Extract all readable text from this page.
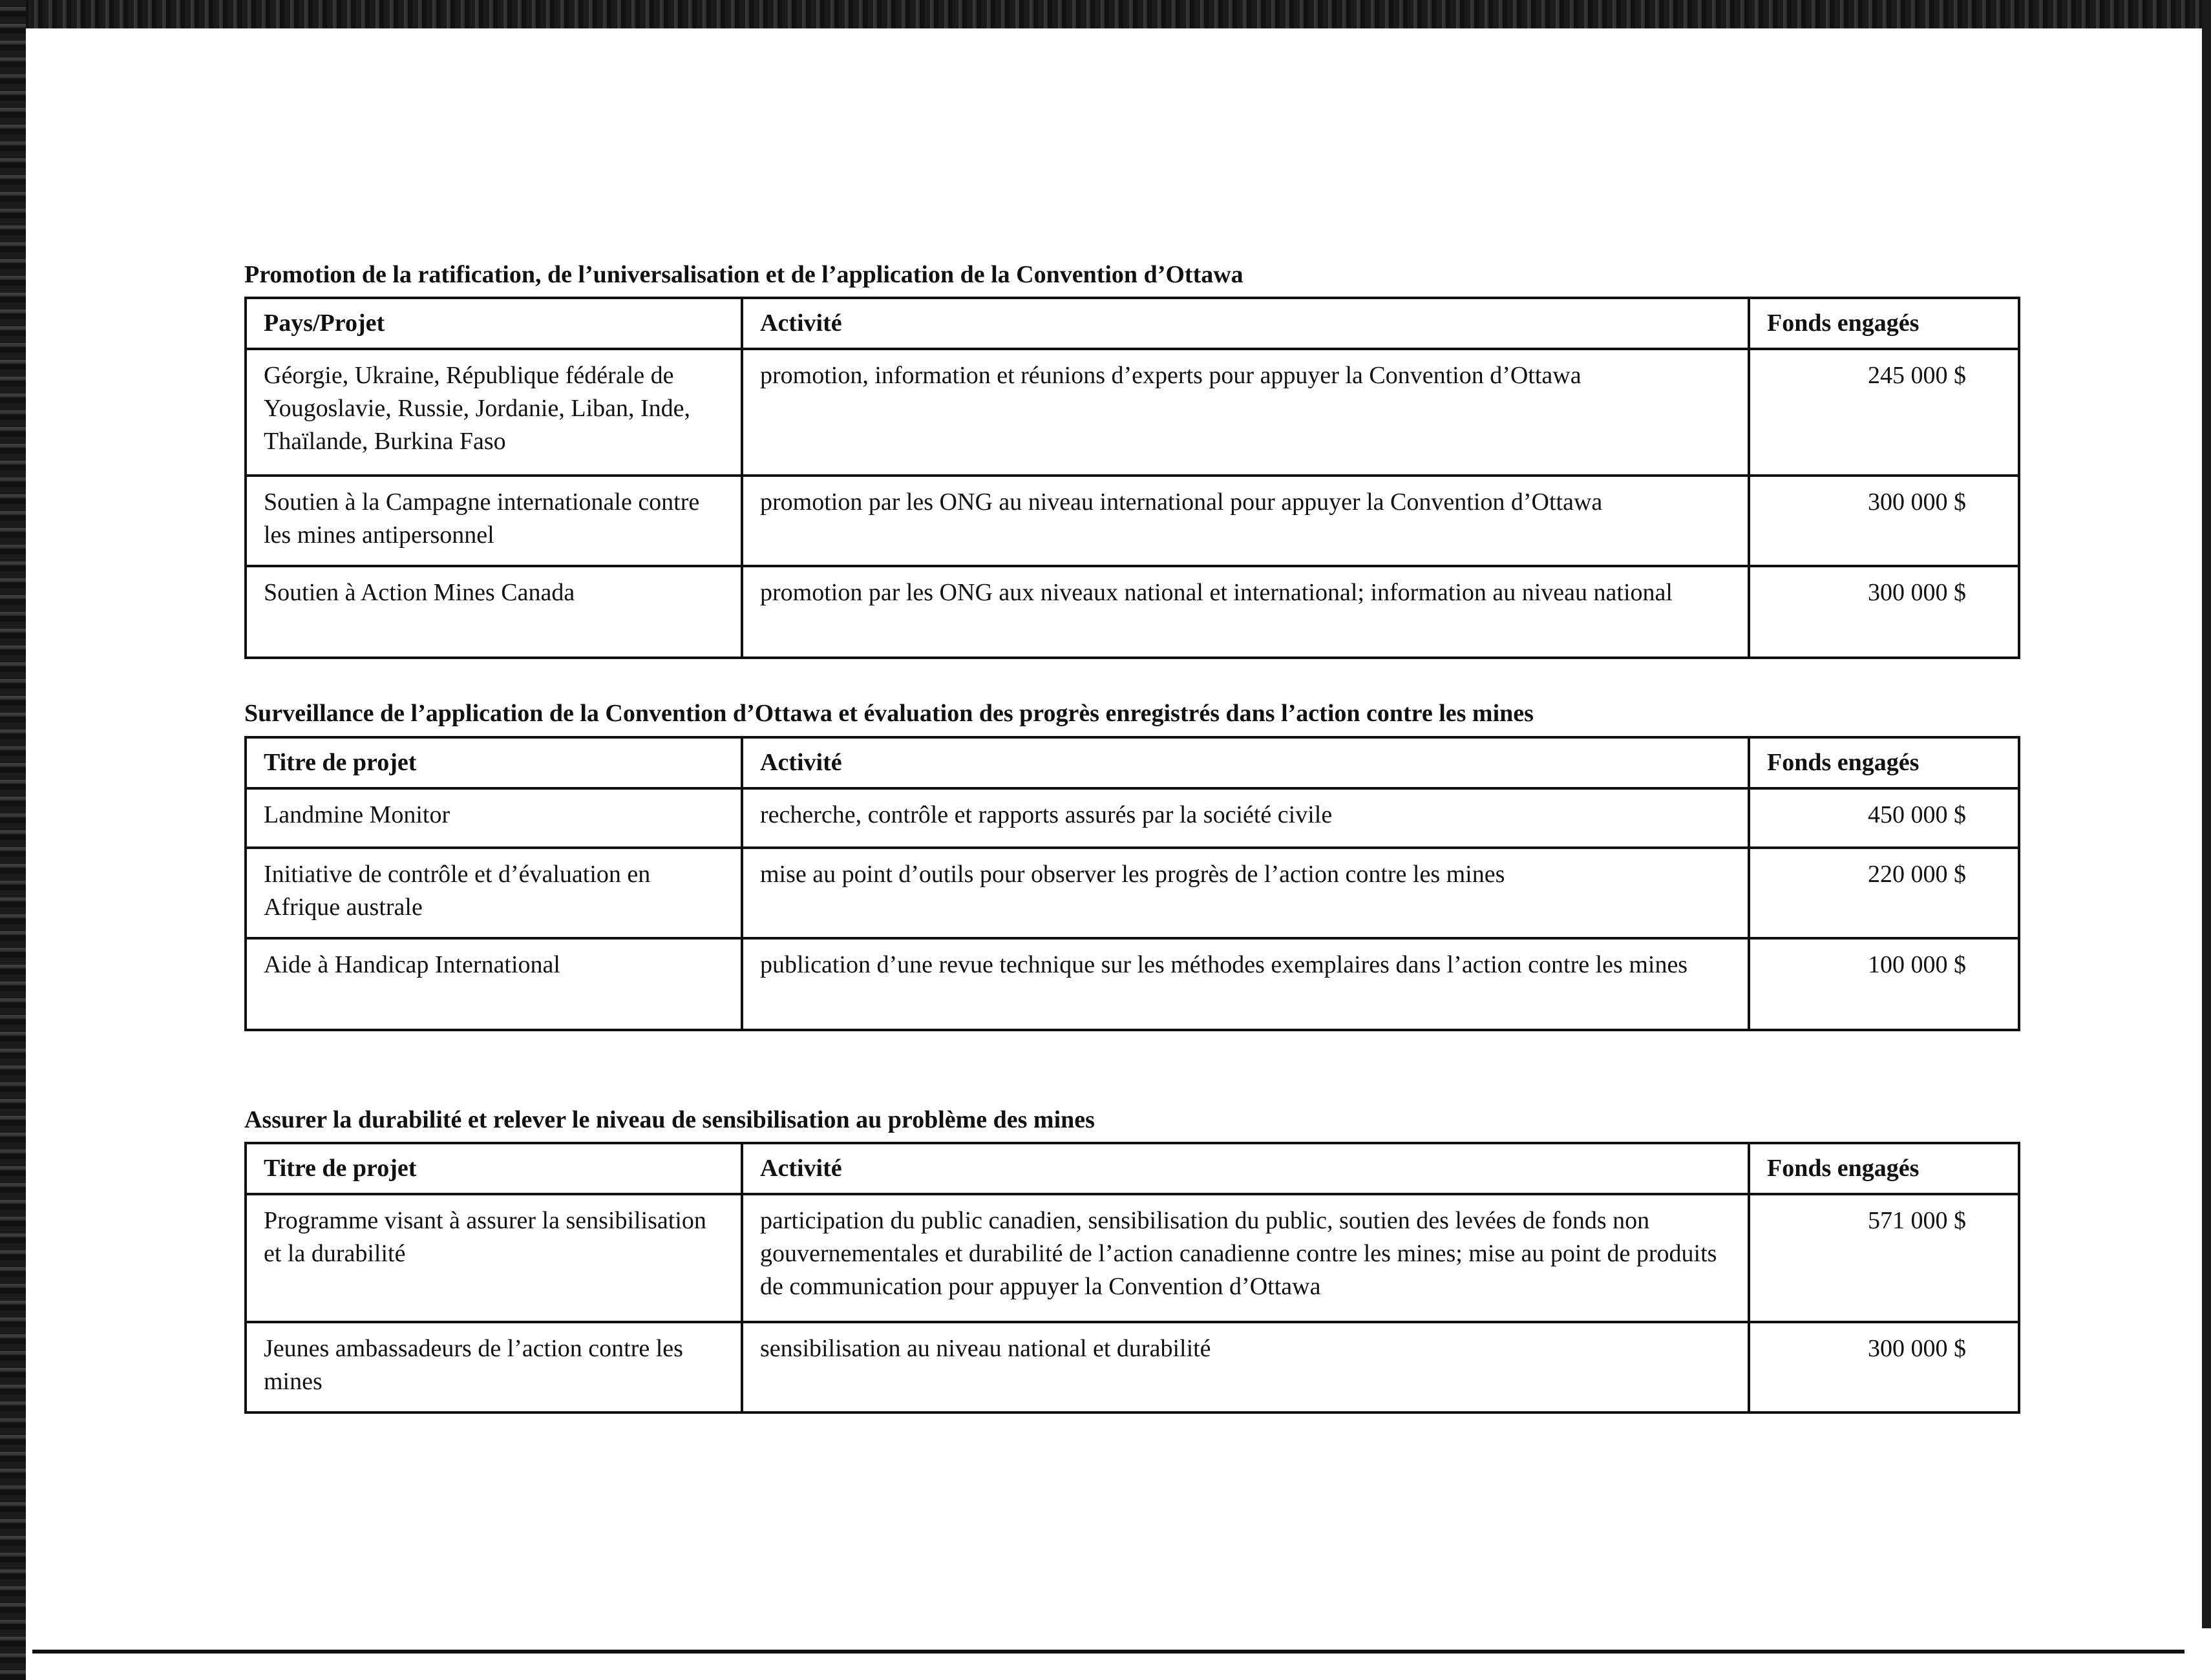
Promotion de la ratification, de l’universalisation et de l’application de la Convention d’Ottawa
Pays/Projet	Activité	Fonds engagés
Géorgie, Ukraine, République fédérale de Yougoslavie, Russie, Jordanie, Liban, Inde, Thaïlande, Burkina Faso	promotion, information et réunions d’experts pour appuyer la Convention d’Ottawa	245 000 $
Soutien à la Campagne internationale contre les mines antipersonnel	promotion par les ONG au niveau international pour appuyer la Convention d’Ottawa	300 000 $
Soutien à Action Mines Canada	promotion par les ONG aux niveaux national et international; information au niveau national	300 000 $
Surveillance de l’application de la Convention d’Ottawa et évaluation des progrès enregistrés dans l’action contre les mines
Titre de projet	Activité	Fonds engagés
Landmine Monitor	recherche, contrôle et rapports assurés par la société civile	450 000 $
Initiative de contrôle et d’évaluation en Afrique australe	mise au point d’outils pour observer les progrès de l’action contre les mines	220 000 $
Aide à Handicap International	publication d’une revue technique sur les méthodes exemplaires dans l’action contre les mines	100 000 $
Assurer la durabilité et relever le niveau de sensibilisation au problème des mines
Titre de projet	Activité	Fonds engagés
Programme visant à assurer la sensibilisation et la durabilité	participation du public canadien, sensibilisation du public, soutien des levées de fonds non gouvernementales et durabilité de l’action canadienne contre les mines; mise au point de produits de communication pour appuyer la Convention d’Ottawa	571 000 $
Jeunes ambassadeurs de l’action contre les mines	sensibilisation au niveau national et durabilité	300 000 $
